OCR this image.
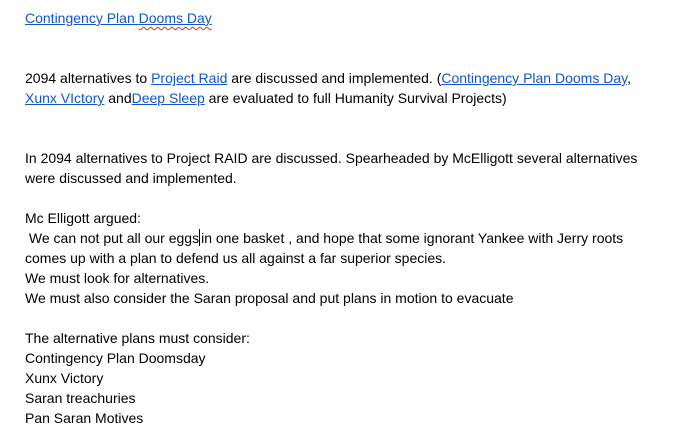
Contingency Plan Dooms Day
2094 alternatives to Project Raid are discussed and implemented. (Contingency Plan Dooms Day, Xunx VIctory andDeep Sleep are evaluated to full Humanity Survival Projects)
In 2094 alternatives to Project RAID are discussed. Spearheaded by McElligott several alternatives were discussed and implemented.
Mc Elligott argued:
We can not put all our eggs in one basket , and hope that some ignorant Yankee with Jerry roots comes up with a plan to defend us all against a far superior species.
We must look for alternatives.
We must also consider the Saran proposal and put plans in motion to evacuate
The alternative plans must consider:
Contingency Plan Doomsday
Xunx Victory
Saran treachuries
Pan Saran Motives
